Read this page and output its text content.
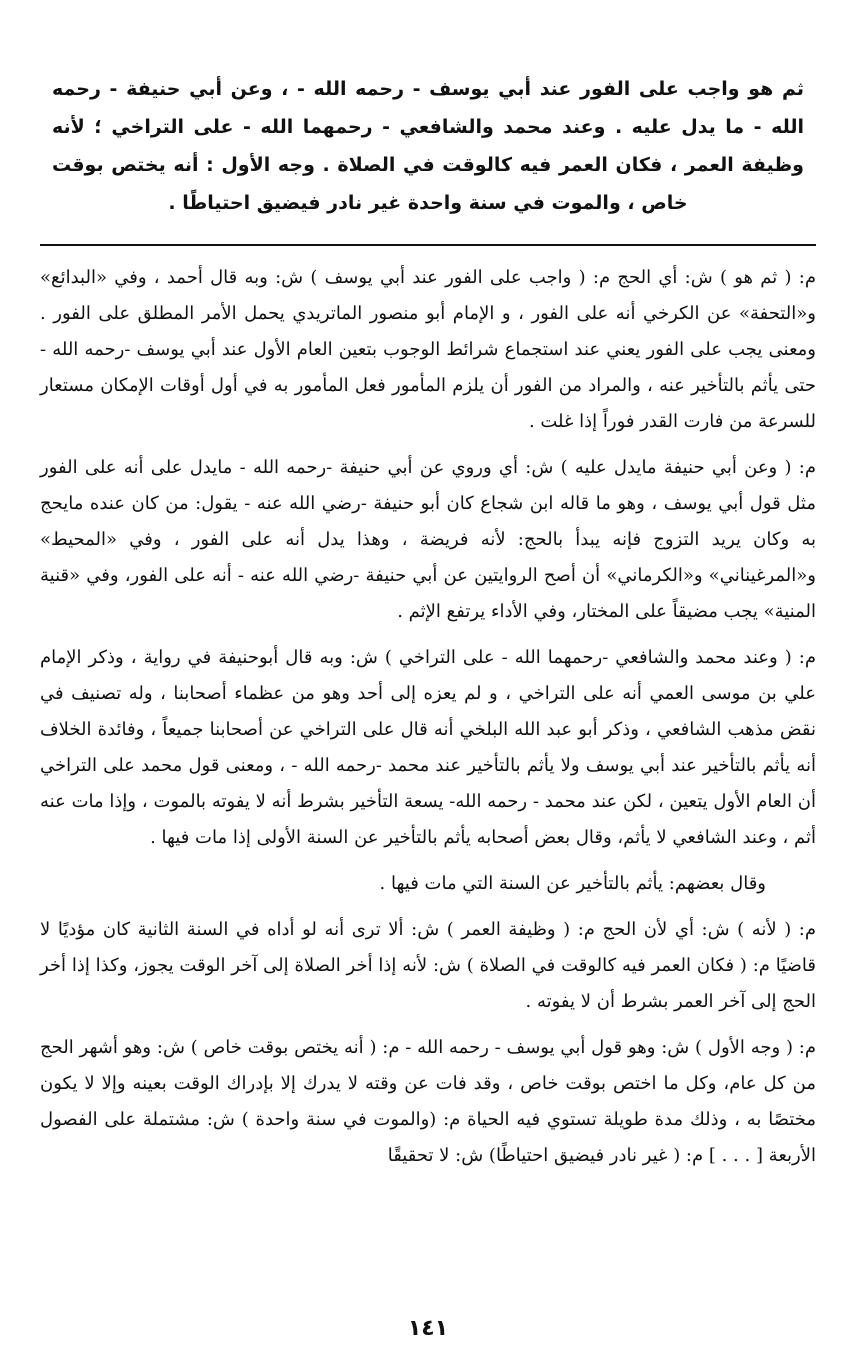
ثم هو واجب على الفور عند أبي يوسف - رحمه الله - ، وعن أبي حنيفة - رحمه الله - ما يدل عليه . وعند محمد والشافعي - رحمهما الله - على التراخي ؛ لأنه وظيفة العمر ، فكان العمر فيه كالوقت في الصلاة . وجه الأول : أنه يختص بوقت خاص ، والموت في سنة واحدة غير نادر فيضيق احتياطًا .

م: ( ثم هو ) ش: أي الحج م: ( واجب على الفور عند أبي يوسف ) ش: وبه قال أحمد ، وفي «البدائع» و«التحفة» عن الكرخي أنه على الفور ، و الإمام أبو منصور الماتريدي يحمل الأمر المطلق على الفور . ومعنى يجب على الفور يعني عند استجماع شرائط الوجوب بتعين العام الأول عند أبي يوسف -رحمه الله - حتى يأثم بالتأخير عنه ، والمراد من الفور أن يلزم المأمور فعل المأمور به في أول أوقات الإمكان مستعار للسرعة من فارت القدر فوراً إذا غلت .

م: ( وعن أبي حنيفة مايدل عليه ) ش: أي وروي عن أبي حنيفة -رحمه الله - مايدل على أنه على الفور مثل قول أبي يوسف ، وهو ما قاله ابن شجاع كان أبو حنيفة -رضي الله عنه - يقول: من كان عنده مايحج به وكان يريد التزوج فإنه يبدأ بالحج: لأنه فريضة ، وهذا يدل أنه على الفور ، وفي «المحيط» و«المرغيناني» و«الكرماني» أن أصح الروايتين عن أبي حنيفة -رضي الله عنه - أنه على الفور، وفي «قنية المنية» يجب مضيقاً على المختار، وفي الأداء يرتفع الإثم .

م: ( وعند محمد والشافعي -رحمهما الله - على التراخي ) ش: وبه قال أبوحنيفة في رواية ، وذكر الإمام علي بن موسى العمي أنه على التراخي ، و لم يعزه إلى أحد وهو من عظماء أصحابنا ، وله تصنيف في نقض مذهب الشافعي ، وذكر أبو عبد الله البلخي أنه قال على التراخي عن أصحابنا جميعاً ، وفائدة الخلاف أنه يأثم بالتأخير عند أبي يوسف ولا يأثم بالتأخير عند محمد -رحمه الله - ، ومعنى قول محمد على التراخي أن العام الأول يتعين ، لكن عند محمد - رحمه الله- يسعة التأخير بشرط أنه لا يفوته بالموت ، وإذا مات عنه أثم ، وعند الشافعي لا يأثم، وقال بعض أصحابه يأثم بالتأخير عن السنة الأولى إذا مات فيها .

وقال بعضهم: يأثم بالتأخير عن السنة التي مات فيها .

م: ( لأنه ) ش: أي لأن الحج م: ( وظيفة العمر ) ش: ألا ترى أنه لو أداه في السنة الثانية كان مؤديًا لا قاضيًا م: ( فكان العمر فيه كالوقت في الصلاة ) ش: لأنه إذا أخر الصلاة إلى آخر الوقت يجوز، وكذا إذا أخر الحج إلى آخر العمر بشرط أن لا يفوته .

م: ( وجه الأول ) ش: وهو قول أبي يوسف - رحمه الله - م: ( أنه يختص بوقت خاص ) ش: وهو أشهر الحج من كل عام، وكل ما اختص بوقت خاص ، وقد فات عن وقته لا يدرك إلا بإدراك الوقت بعينه وإلا لا يكون مختصًا به ، وذلك مدة طويلة تستوي فيه الحياة م: (والموت في سنة واحدة ) ش: مشتملة على الفصول الأربعة [ . . . ] م: ( غير نادر فيضيق احتياطًا) ش: لا تحقيقًا

١٤١
